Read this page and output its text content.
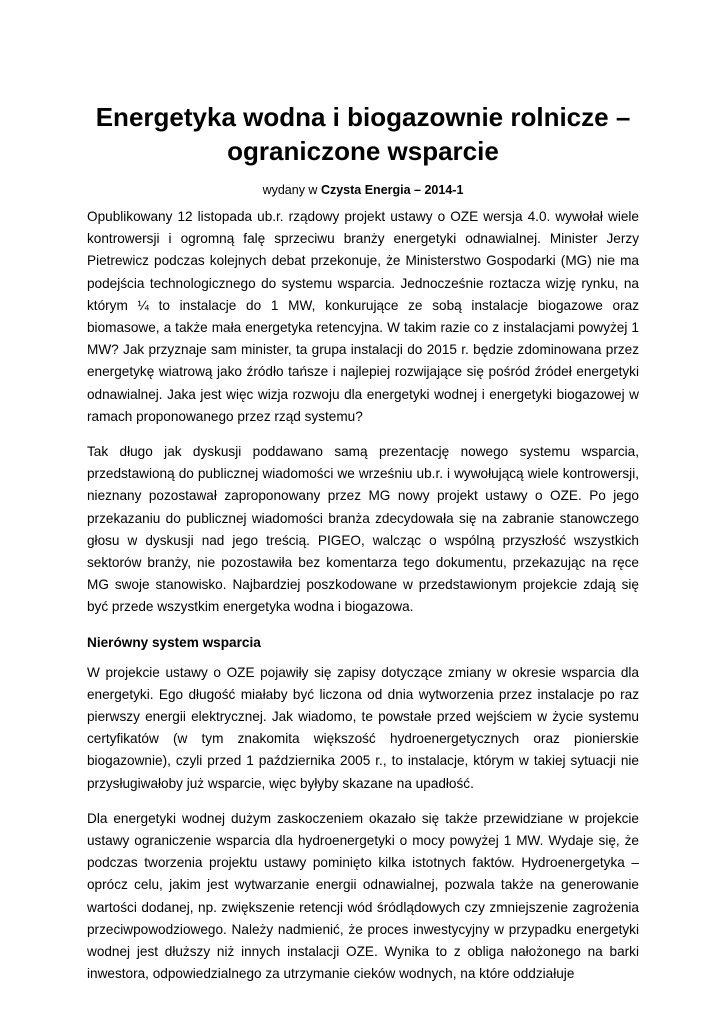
Energetyka wodna i biogazownie rolnicze –
ograniczone wsparcie
wydany w Czysta Energia – 2014-1

Opublikowany 12 listopada ub.r. rządowy projekt ustawy o OZE wersja 4.0. wywołał wiele kontrowersji i ogromną falę sprzeciwu branży energetyki odnawialnej. Minister Jerzy Pietrewicz podczas kolejnych debat przekonuje, że Ministerstwo Gospodarki (MG) nie ma podejścia technologicznego do systemu wsparcia. Jednocześnie roztacza wizję rynku, na którym ¼ to instalacje do 1 MW, konkurujące ze sobą instalacje biogazowe oraz biomasowe, a także mała energetyka retencyjna. W takim razie co z instalacjami powyżej 1 MW? Jak przyznaje sam minister, ta grupa instalacji do 2015 r. będzie zdominowana przez energetykę wiatrową jako źródło tańsze i najlepiej rozwijające się pośród źródeł energetyki odnawialnej. Jaka jest więc wizja rozwoju dla energetyki wodnej i energetyki biogazowej w ramach proponowanego przez rząd systemu?

Tak długo jak dyskusji poddawano samą prezentację nowego systemu wsparcia, przedstawioną do publicznej wiadomości we wrześniu ub.r. i wywołującą wiele kontrowersji, nieznany pozostawał zaproponowany przez MG nowy projekt ustawy o OZE. Po jego przekazaniu do publicznej wiadomości branża zdecydowała się na zabranie stanowczego głosu w dyskusji nad jego treścią. PIGEO, walcząc o wspólną przyszłość wszystkich sektorów branży, nie pozostawiła bez komentarza tego dokumentu, przekazując na ręce MG swoje stanowisko. Najbardziej poszkodowane w przedstawionym projekcie zdają się być przede wszystkim energetyka wodna i biogazowa.

Nierówny system wsparcia

W projekcie ustawy o OZE pojawiły się zapisy dotyczące zmiany w okresie wsparcia dla energetyki. Ego długość miałaby być liczona od dnia wytworzenia przez instalacje po raz pierwszy energii elektrycznej. Jak wiadomo, te powstałe przed wejściem w życie systemu certyfikatów (w tym znakomita większość hydroenergetycznych oraz pionierskie biogazownie), czyli przed 1 października 2005 r., to instalacje, którym w takiej sytuacji nie przysługiwałoby już wsparcie, więc byłyby skazane na upadłość.

Dla energetyki wodnej dużym zaskoczeniem okazało się także przewidziane w projekcie ustawy ograniczenie wsparcia dla hydroenergetyki o mocy powyżej 1 MW. Wydaje się, że podczas tworzenia projektu ustawy pominięto kilka istotnych faktów. Hydroenergetyka – oprócz celu, jakim jest wytwarzanie energii odnawialnej, pozwala także na generowanie wartości dodanej, np. zwiększenie retencji wód śródlądowych czy zmniejszenie zagrożenia przeciwpowodziowego. Należy nadmienić, że proces inwestycyjny w przypadku energetyki wodnej jest dłuższy niż innych instalacji OZE. Wynika to z obliga nałożonego na barki inwestora, odpowiedzialnego za utrzymanie cieków wodnych, na które oddziałuje
